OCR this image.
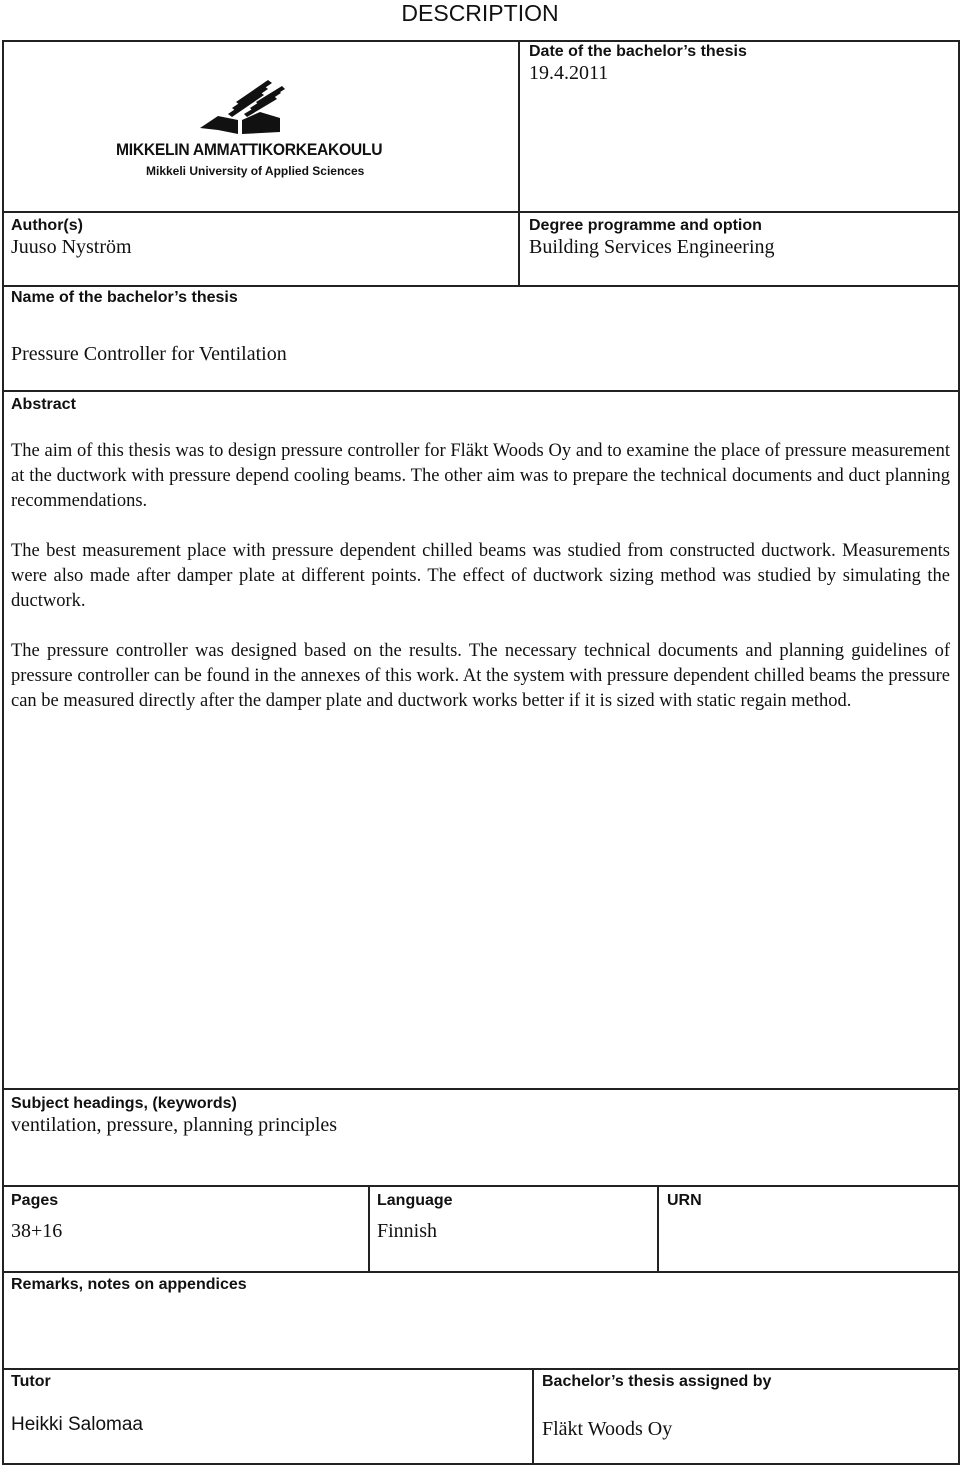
DESCRIPTION
MIKKELIN AMMATTIKORKEAKOULU
Mikkeli University of Applied Sciences
Date of the bachelor’s thesis
19.4.2011
Author(s)
Juuso Nyström
Degree programme and option
Building Services Engineering
Name of the bachelor’s thesis
Pressure Controller for Ventilation
Abstract

The aim of this thesis was to design pressure controller for Fläkt Woods Oy and to examine the place of pressure measurement at the ductwork with pressure depend cooling beams. The other aim was to prepare the technical documents and duct planning recommendations.

The best measurement place with pressure dependent chilled beams was studied from constructed ductwork. Measurements were also made after damper plate at different points. The effect of ductwork sizing method was studied by simulating the ductwork.

The pressure controller was designed based on the results. The necessary technical documents and planning guidelines of pressure controller can be found in the annexes of this work. At the system with pressure dependent chilled beams the pressure can be measured directly after the damper plate and ductwork works better if it is sized with static regain method.

Subject headings, (keywords)
ventilation, pressure, planning principles
Pages
38+16
Language
Finnish
URN
Remarks, notes on appendices
Tutor
Heikki Salomaa
Bachelor’s thesis assigned by
Fläkt Woods Oy
